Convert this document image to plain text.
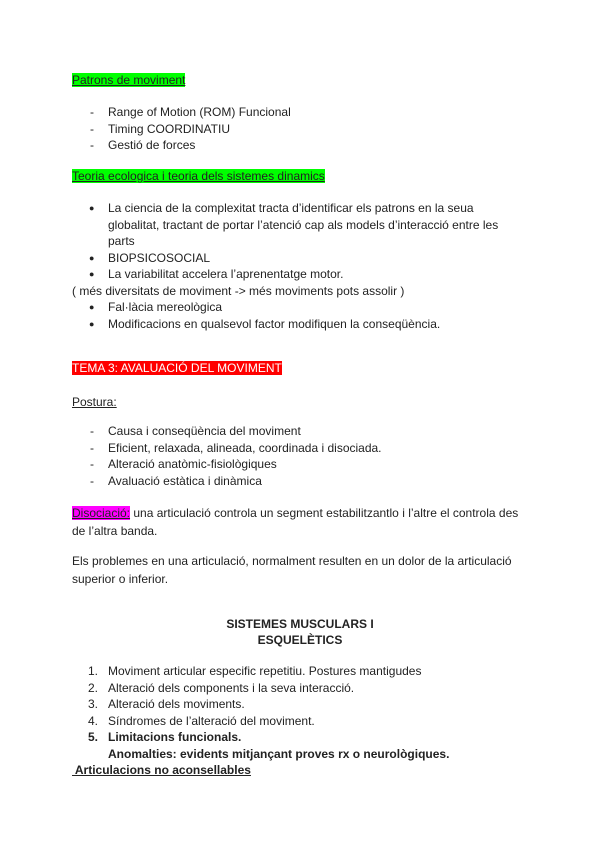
Patrons de moviment
- Range of Motion (ROM) Funcional
- Timing COORDINATIU
- Gestió de forces
Teoria ecologica i teoria dels sistemes dinamics
● La ciencia de la complexitat tracta d’identificar els patrons en la seua globalitat, tractant de portar l’atenció cap als models d’interacció entre les parts
● BIOPSICOSOCIAL
● La variabilitat accelera l’aprenentatge motor.
( més diversitats de moviment -> més moviments pots assolir )
● Fal·làcia mereològica
● Modificacions en qualsevol factor modifiquen la conseqüència.
TEMA 3: AVALUACIÓ DEL MOVIMENT
Postura:
- Causa i conseqüència del moviment
- Eficient, relaxada, alineada, coordinada i disociada.
- Alteració anatòmic-fisiològiques
- Avaluació estàtica i dinàmica
Disociació: una articulació controla un segment estabilitzantlo i l’altre el controla des de l’altra banda.
Els problemes en una articulació, normalment resulten en un dolor de la articulació superior o inferior.
SISTEMES MUSCULARS I
ESQUELÈTICS
1. Moviment articular especific repetitiu. Postures mantigudes
2. Alteració dels components i la seva interacció.
3. Alteració dels moviments.
4. Síndromes de l’alteració del moviment.
5. Limitacions funcionals.
Anomalties: evidents mitjançant proves rx o neurològiques.
Articulacions no aconsellables
